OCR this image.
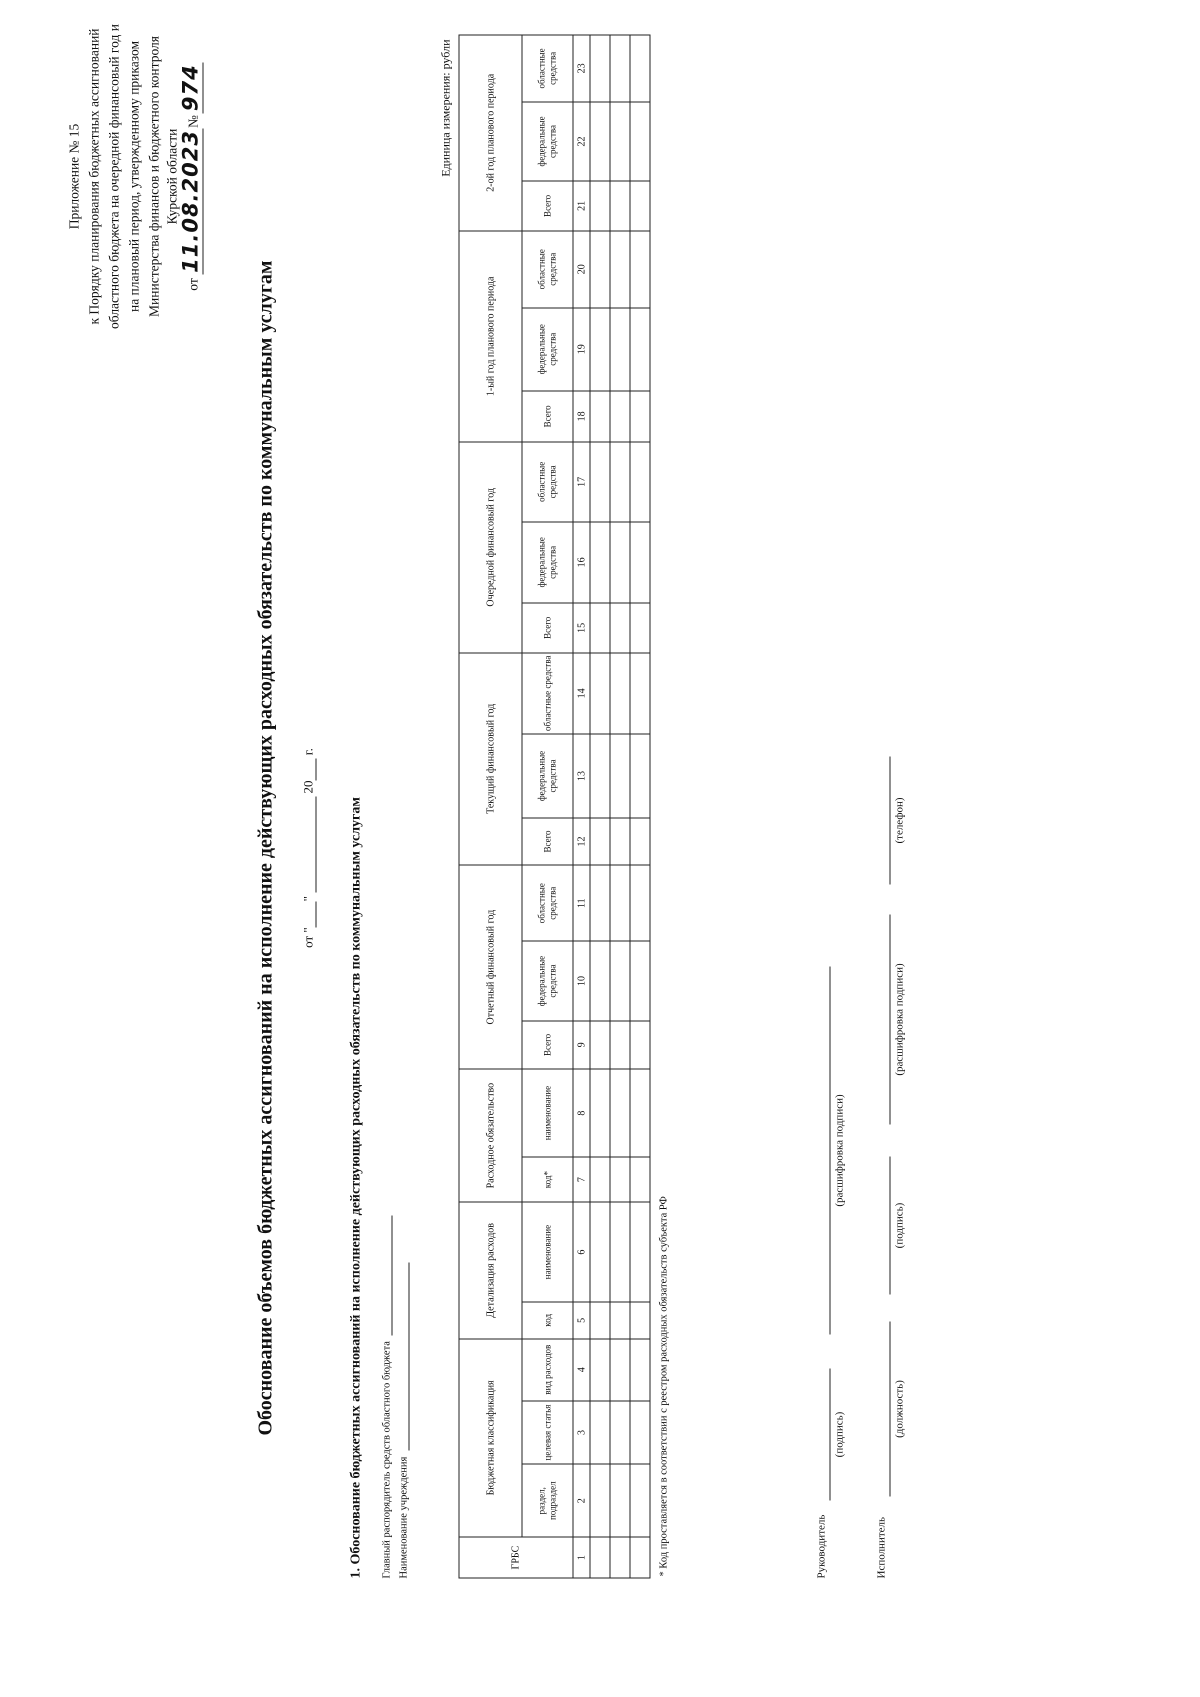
Приложение № 15 к Порядку планирования бюджетных ассигнований областного бюджета на очередной финансовый год и на плановый период, утвержденному приказом Министерства финансов и бюджетного контроля Курской области
от 11.08.2023№974
Обоснование объемов бюджетных ассигнований на исполнение действующих расходных обязательств по коммунальным услугам от ""  20 г.
1. Обоснование бюджетных ассигнований на исполнение действующих расходных обязательств по коммунальным услугам Главный распорядитель средств областного бюджета Наименование учреждения
Единица измерения: рубли
ГРБС	Бюджетная классификация			Детализация расходов		Расходное обязательство		Отчетный финансовый год			Текущий финансовый год			Очередной финансовый год			1-ый год планового периода			2-ой год планового периода		
	раздел, подраздел	целевая статья	вид расходов	код	наименование	код*	наименование	Всего	федеральные средства	областные средства	Всего	федеральные средства	областные средства	Всего	федеральные средства	областные средства	Всего	федеральные средства	областные средства	Всего	федеральные средства	областные средства
1	2	3	4	5	6	7	8	9	10	11	12	13	14	15	16	17	18	19	20	21	22	23

* Код проставляется в соответствии с реестром расходных обязательств субъекта РФ	Руководитель
(подпись)
(расшифровка подписи)
Исполнитель
(должность)
(подпись)
(расшифровка подписи)
(телефон)
